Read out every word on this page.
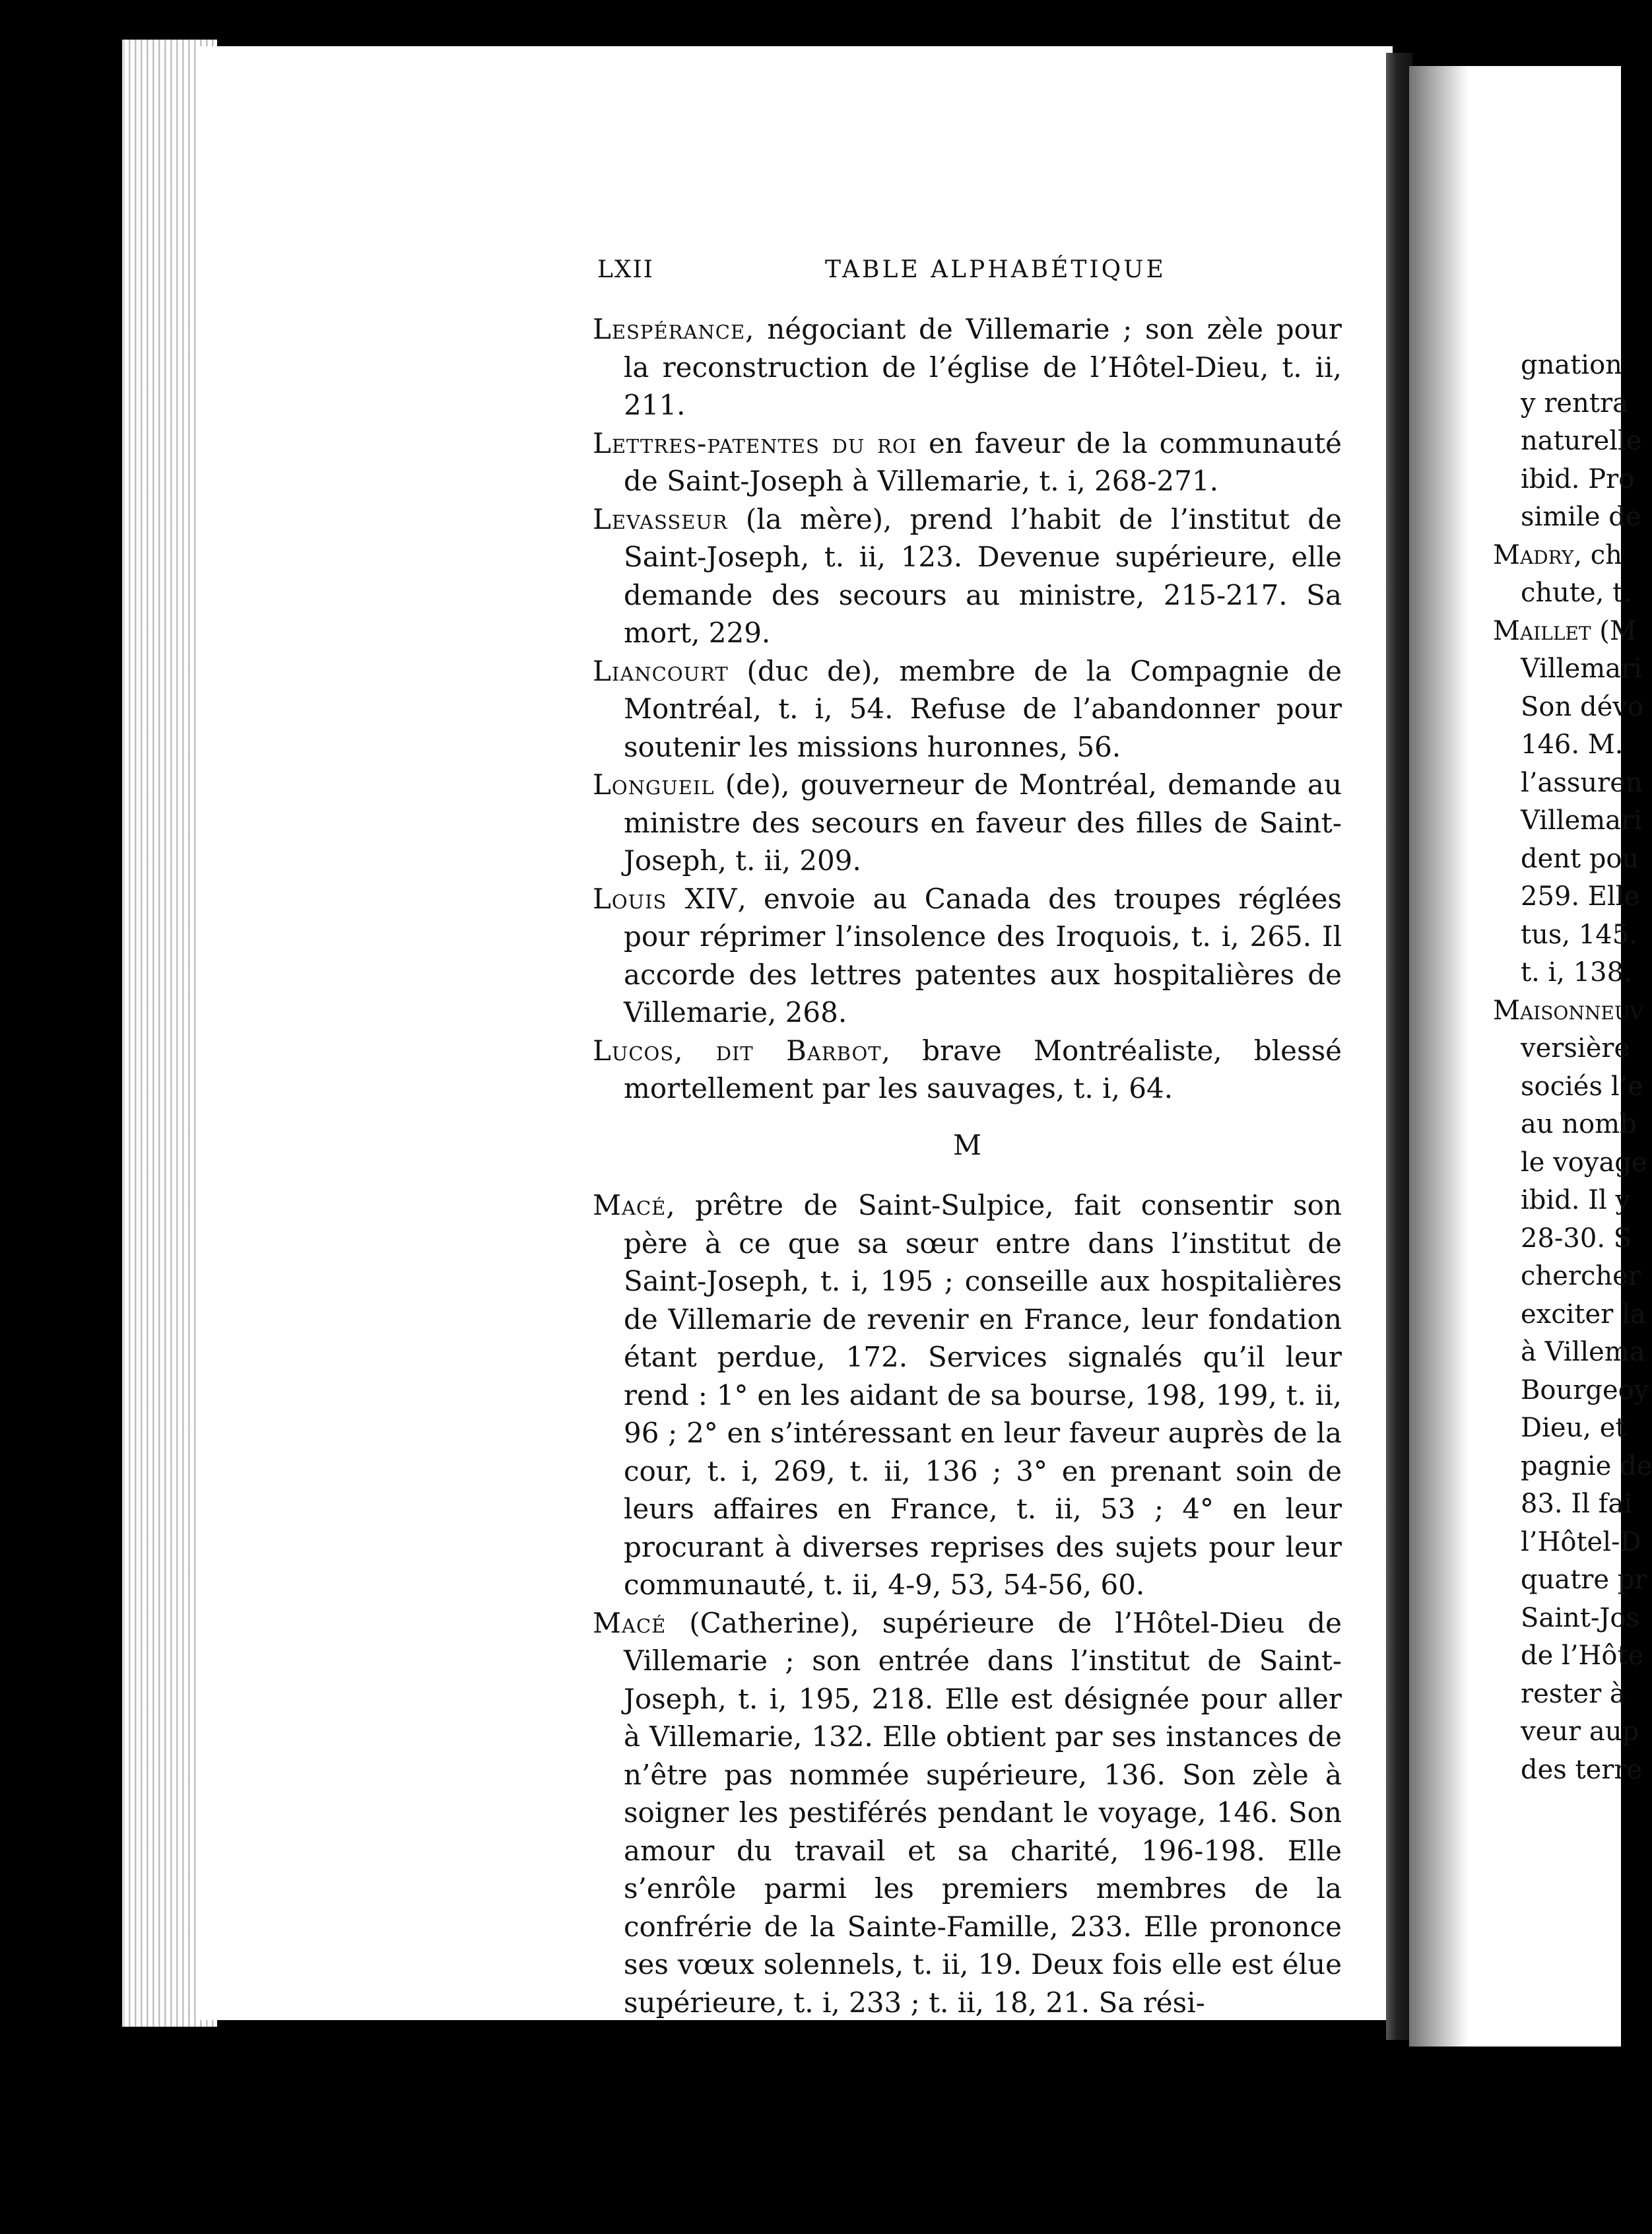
LXII	TABLE ALPHABÉTIQUE

Lespérance, négociant de Villemarie ; son zèle pour la reconstruction de l’église de l’Hôtel-Dieu, t. ii, 211.

Lettres-patentes du roi en faveur de la communauté de Saint-Joseph à Villemarie, t. i, 268-271.

Levasseur (la mère), prend l’habit de l’institut de Saint-Joseph, t. ii, 123. Devenue supérieure, elle demande des secours au ministre, 215-217. Sa mort, 229.

Liancourt (duc de), membre de la Compagnie de Montréal, t. i, 54. Refuse de l’abandonner pour soutenir les missions huronnes, 56.

Longueil (de), gouverneur de Montréal, demande au ministre des secours en faveur des filles de Saint-Joseph, t. ii, 209.

Louis XIV, envoie au Canada des troupes réglées pour réprimer l’insolence des Iroquois, t. i, 265. Il accorde des lettres patentes aux hospitalières de Villemarie, 268.

Lucos, dit Barbot, brave Montréaliste, blessé mortellement par les sauvages, t. i, 64.

M

Macé, prêtre de Saint-Sulpice, fait consentir son père à ce que sa sœur entre dans l’institut de Saint-Joseph, t. i, 195 ; conseille aux hospitalières de Villemarie de revenir en France, leur fondation étant perdue, 172. Services signalés qu’il leur rend : 1° en les aidant de sa bourse, 198, 199, t. ii, 96 ; 2° en s’intéressant en leur faveur auprès de la cour, t. i, 269, t. ii, 136 ; 3° en prenant soin de leurs affaires en France, t. ii, 53 ; 4° en leur procurant à diverses reprises des sujets pour leur communauté, t. ii, 4-9, 53, 54-56, 60.

Macé (Catherine), supérieure de l’Hôtel-Dieu de Villemarie ; son entrée dans l’institut de Saint-Joseph, t. i, 195, 218. Elle est désignée pour aller à Villemarie, 132. Elle obtient par ses instances de n’être pas nommée supérieure, 136. Son zèle à soigner les pestiférés pendant le voyage, 146. Son amour du travail et sa charité, 196-198. Elle s’enrôle parmi les premiers membres de la confrérie de la Sainte-Famille, 233. Elle prononce ses vœux solennels, t. ii, 19. Deux fois elle est élue supérieure, t. i, 233 ; t. ii, 18, 21. Sa rési-

gnation
y rentra
naturelle
ibid. Pro
simile de
Madry, ch
chute, t.
Maillet (M
Villemari
Son dévo
146. M.
l’assuren
Villemari
dent pou
259. Elle
tus, 145.
t. i, 138.
Maisonneuv
versière
sociés l’e
au nomb
le voyage
ibid. Il y
28-30. S
chercher
exciter la
à Villema
Bourgeoy
Dieu, et
pagnie de
83. Il fai
l’Hôtel-D
quatre pr
Saint-Jos
de l’Hôte
rester à
veur aup
des terre
